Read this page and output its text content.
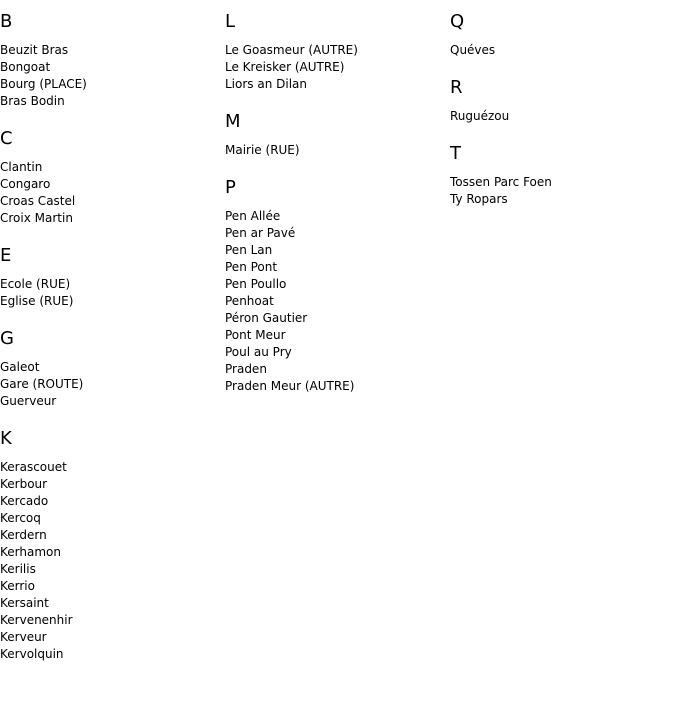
B
Beuzit Bras
Bongoat
Bourg (PLACE)
Bras Bodin
C
Clantin
Congaro
Croas Castel
Croix Martin
E
Ecole (RUE)
Eglise (RUE)
G
Galeot
Gare (ROUTE)
Guerveur
K
Kerascouet
Kerbour
Kercado
Kercoq
Kerdern
Kerhamon
Kerilis
Kerrio
Kersaint
Kervenenhir
Kerveur
Kervolquin
L
Le Goasmeur (AUTRE)
Le Kreisker (AUTRE)
Liors an Dilan
M
Mairie (RUE)
P
Pen Allée
Pen ar Pavé
Pen Lan
Pen Pont
Pen Poullo
Penhoat
Péron Gautier
Pont Meur
Poul au Pry
Praden
Praden Meur (AUTRE)
Q
Quéves
R
Ruguézou
T
Tossen Parc Foen
Ty Ropars
